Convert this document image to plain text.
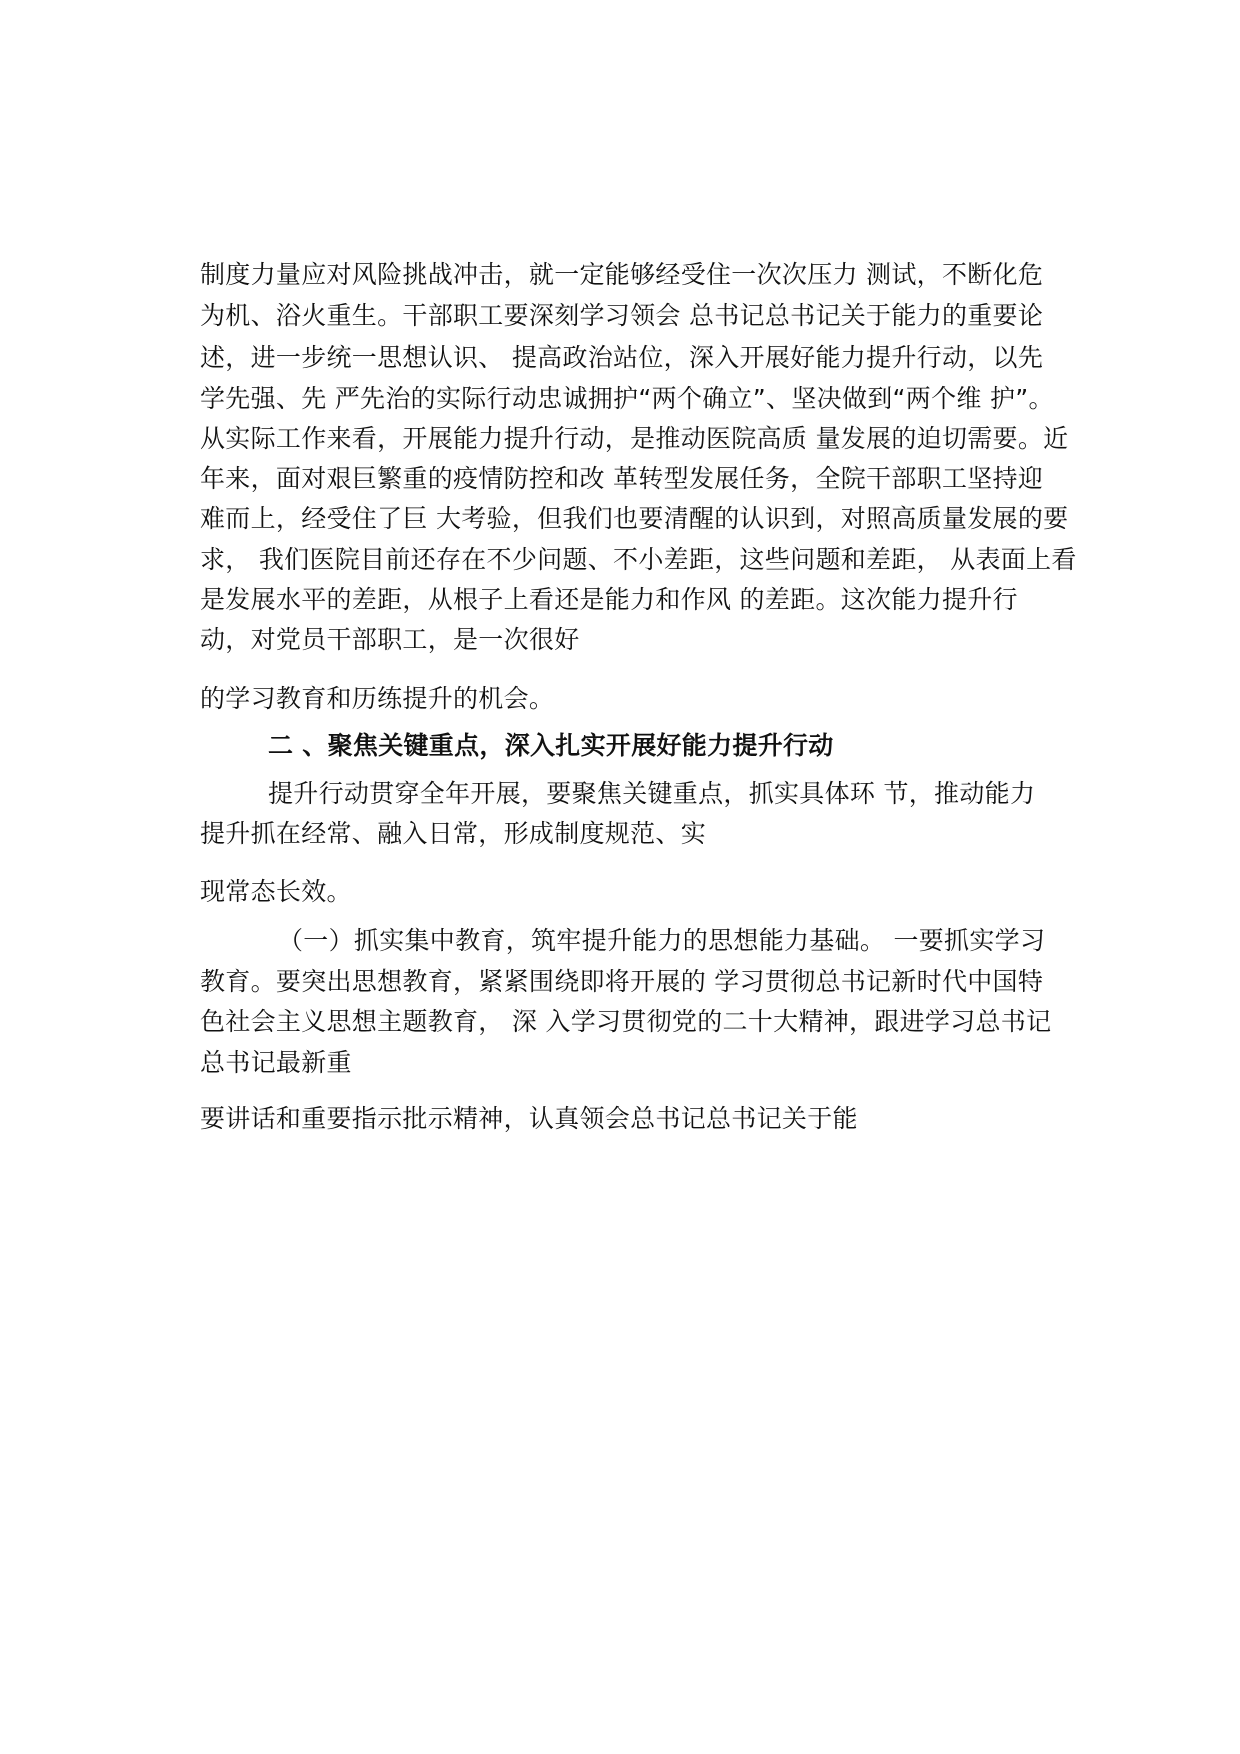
制度力量应对风险挑战冲击，就一定能够经受住一次次压力 测试，不断化危
为机、浴火重生。干部职工要深刻学习领会 总书记总书记关于能力的重要论
述，进一步统一思想认识、 提高政治站位，深入开展好能力提升行动，以先
学先强、先 严先治的实际行动忠诚拥护“两个确立”、坚决做到“两个维 护”。
从实际工作来看，开展能力提升行动，是推动医院高质 量发展的迫切需要。近
年来，面对艰巨繁重的疫情防控和改 革转型发展任务，全院干部职工坚持迎
难而上，经受住了巨 大考验，但我们也要清醒的认识到，对照高质量发展的要
求， 我们医院目前还存在不少问题、不小差距，这些问题和差距， 从表面上看
是发展水平的差距，从根子上看还是能力和作风 的差距。这次能力提升行
动，对党员干部职工，是一次很好
的学习教育和历练提升的机会。
二 、聚焦关键重点，深入扎实开展好能力提升行动
提升行动贯穿全年开展，要聚焦关键重点，抓实具体环 节，推动能力
提升抓在经常、融入日常，形成制度规范、实
现常态长效。
（一）抓实集中教育，筑牢提升能力的思想能力基础。 一要抓实学习
教育。要突出思想教育，紧紧围绕即将开展的 学习贯彻总书记新时代中国特
色社会主义思想主题教育， 深 入学习贯彻党的二十大精神，跟进学习总书记
总书记最新重
要讲话和重要指示批示精神，认真领会总书记总书记关于能
